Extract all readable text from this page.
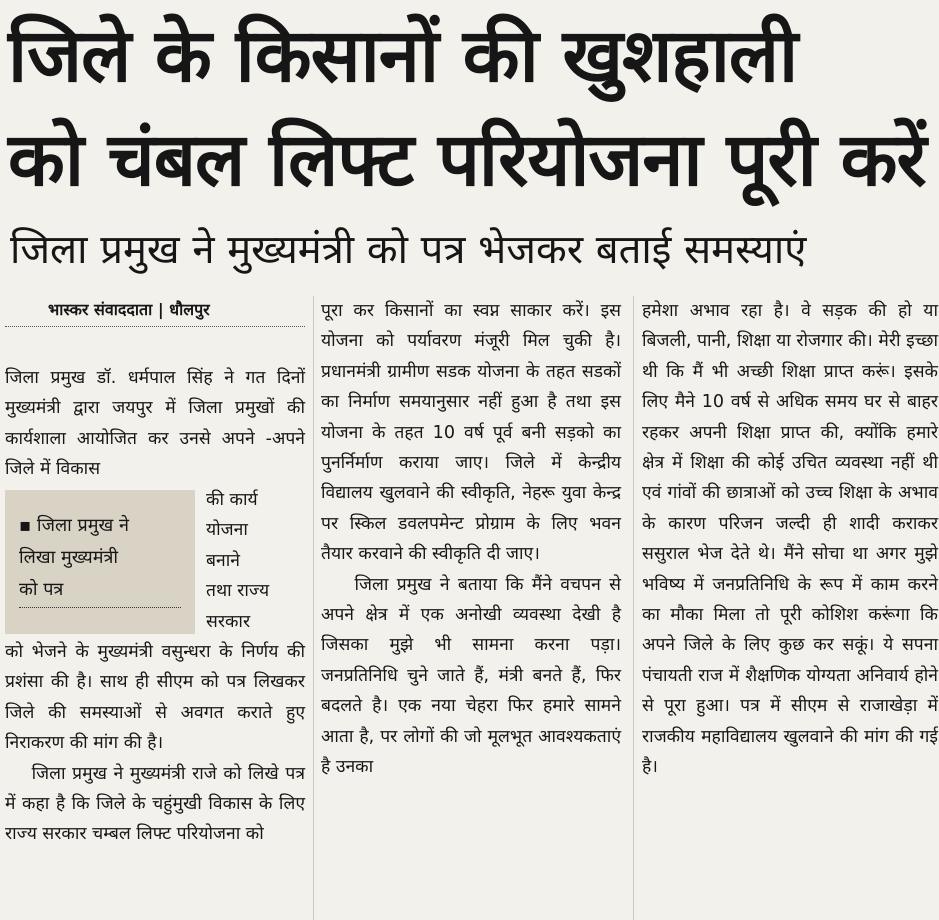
जिले के किसानों की खुशहाली
को चंबल लिफ्ट परियोजना पूरी करें
जिला प्रमुख ने मुख्यमंत्री को पत्र भेजकर बताई समस्याएं
भास्कर संवाददाता | धौलपुर
जिला प्रमुख डॉ. धर्मपाल सिंह ने गत दिनों मुख्यमंत्री द्वारा जयपुर में जिला प्रमुखों की कार्यशाला आयोजित कर उनसे अपने -अपने जिले में विकास
▪ जिला प्रमुख ने
लिखा मुख्यमंत्री
को पत्र
की कार्य
योजना
बनाने
तथा राज्य
सरकार
को भेजने के मुख्यमंत्री वसुन्धरा के निर्णय की प्रशंसा की है। साथ ही सीएम को पत्र लिखकर जिले की समस्याओं से अवगत कराते हुए निराकरण की मांग की है।
जिला प्रमुख ने मुख्यमंत्री राजे को लिखे पत्र में कहा है कि जिले के चहुंमुखी विकास के लिए राज्य सरकार चम्बल लिफ्ट परियोजना को
पूरा कर किसानों का स्वप्न साकार करें। इस योजना को पर्यावरण मंजूरी मिल चुकी है। प्रधानमंत्री ग्रामीण सडक योजना के तहत सडकों का निर्माण समयानुसार नहीं हुआ है तथा इस योजना के तहत 10 वर्ष पूर्व बनी सड़को का पुनर्निर्माण कराया जाए। जिले में केन्द्रीय विद्यालय खुलवाने की स्वीकृति, नेहरू युवा केन्द्र पर स्किल डवलपमेन्ट प्रोग्राम के लिए भवन तैयार करवाने की स्वीकृति दी जाए।
जिला प्रमुख ने बताया कि मैंने वचपन से अपने क्षेत्र में एक अनोखी व्यवस्था देखी है जिसका मुझे भी सामना करना पड़ा। जनप्रतिनिधि चुने जाते हैं, मंत्री बनते हैं, फिर बदलते है। एक नया चेहरा फिर हमारे सामने आता है, पर लोगों की जो मूलभूत आवश्यकताएं है उनका
हमेशा अभाव रहा है। वे सड़क की हो या बिजली, पानी, शिक्षा या रोजगार की। मेरी इच्छा थी कि मैं भी अच्छी शिक्षा प्राप्त करूं। इसके लिए मैने 10 वर्ष से अधिक समय घर से बाहर रहकर अपनी शिक्षा प्राप्त की, क्योंकि हमारे क्षेत्र में शिक्षा की कोई उचित व्यवस्था नहीं थी एवं गांवों की छात्राओं को उच्च शिक्षा के अभाव के कारण परिजन जल्दी ही शादी कराकर ससुराल भेज देते थे। मैंने सोचा था अगर मुझे भविष्य में जनप्रतिनिधि के रूप में काम करने का मौका मिला तो पूरी कोशिश करूंगा कि अपने जिले के लिए कुछ कर सकूं। ये सपना पंचायती राज में शैक्षणिक योग्यता अनिवार्य होने से पूरा हुआ। पत्र में सीएम से राजाखेड़ा में राजकीय महाविद्यालय खुलवाने की मांग की गई है।
